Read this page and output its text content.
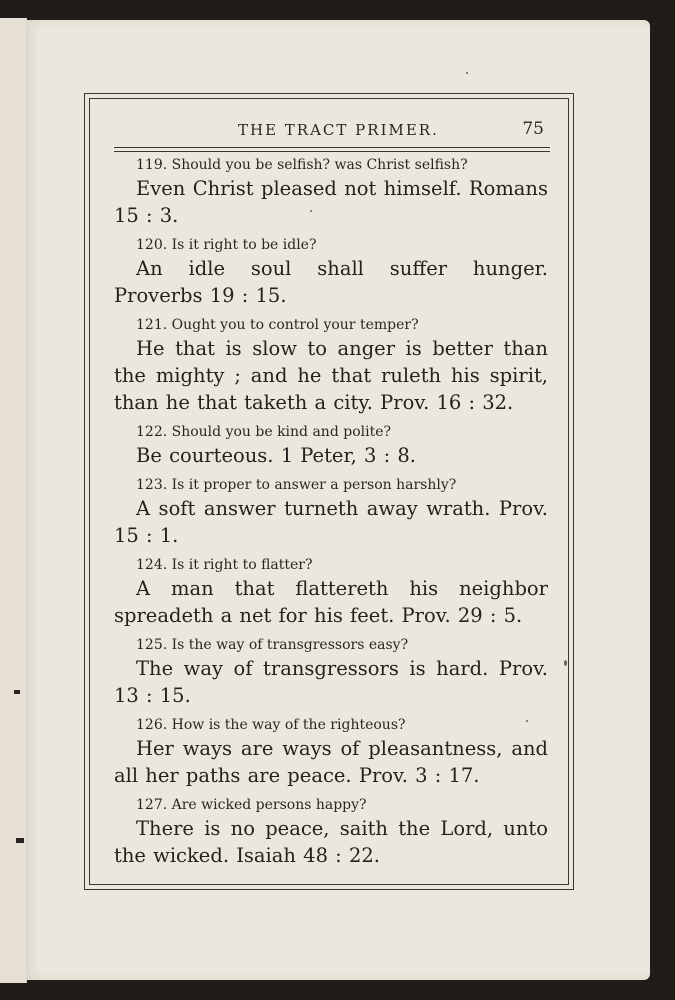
THE TRACT PRIMER.	75

119. Should you be selfish? was Christ selfish?

Even Christ pleased not himself. Romans 15 : 3.

120. Is it right to be idle?

An idle soul shall suffer hunger. Proverbs 19 : 15.

121. Ought you to control your temper?

He that is slow to anger is better than the mighty ; and he that ruleth his spirit, than he that taketh a city. Prov. 16 : 32.

122. Should you be kind and polite?

Be courteous. 1 Peter, 3 : 8.

123. Is it proper to answer a person harshly?

A soft answer turneth away wrath. Prov. 15 : 1.

124. Is it right to flatter?

A man that flattereth his neighbor spreadeth a net for his feet. Prov. 29 : 5.

125. Is the way of transgressors easy?

The way of transgressors is hard. Prov. 13 : 15.

126. How is the way of the righteous?

Her ways are ways of pleasantness, and all her paths are peace. Prov. 3 : 17.

127. Are wicked persons happy?

There is no peace, saith the Lord, unto the wicked. Isaiah 48 : 22.
